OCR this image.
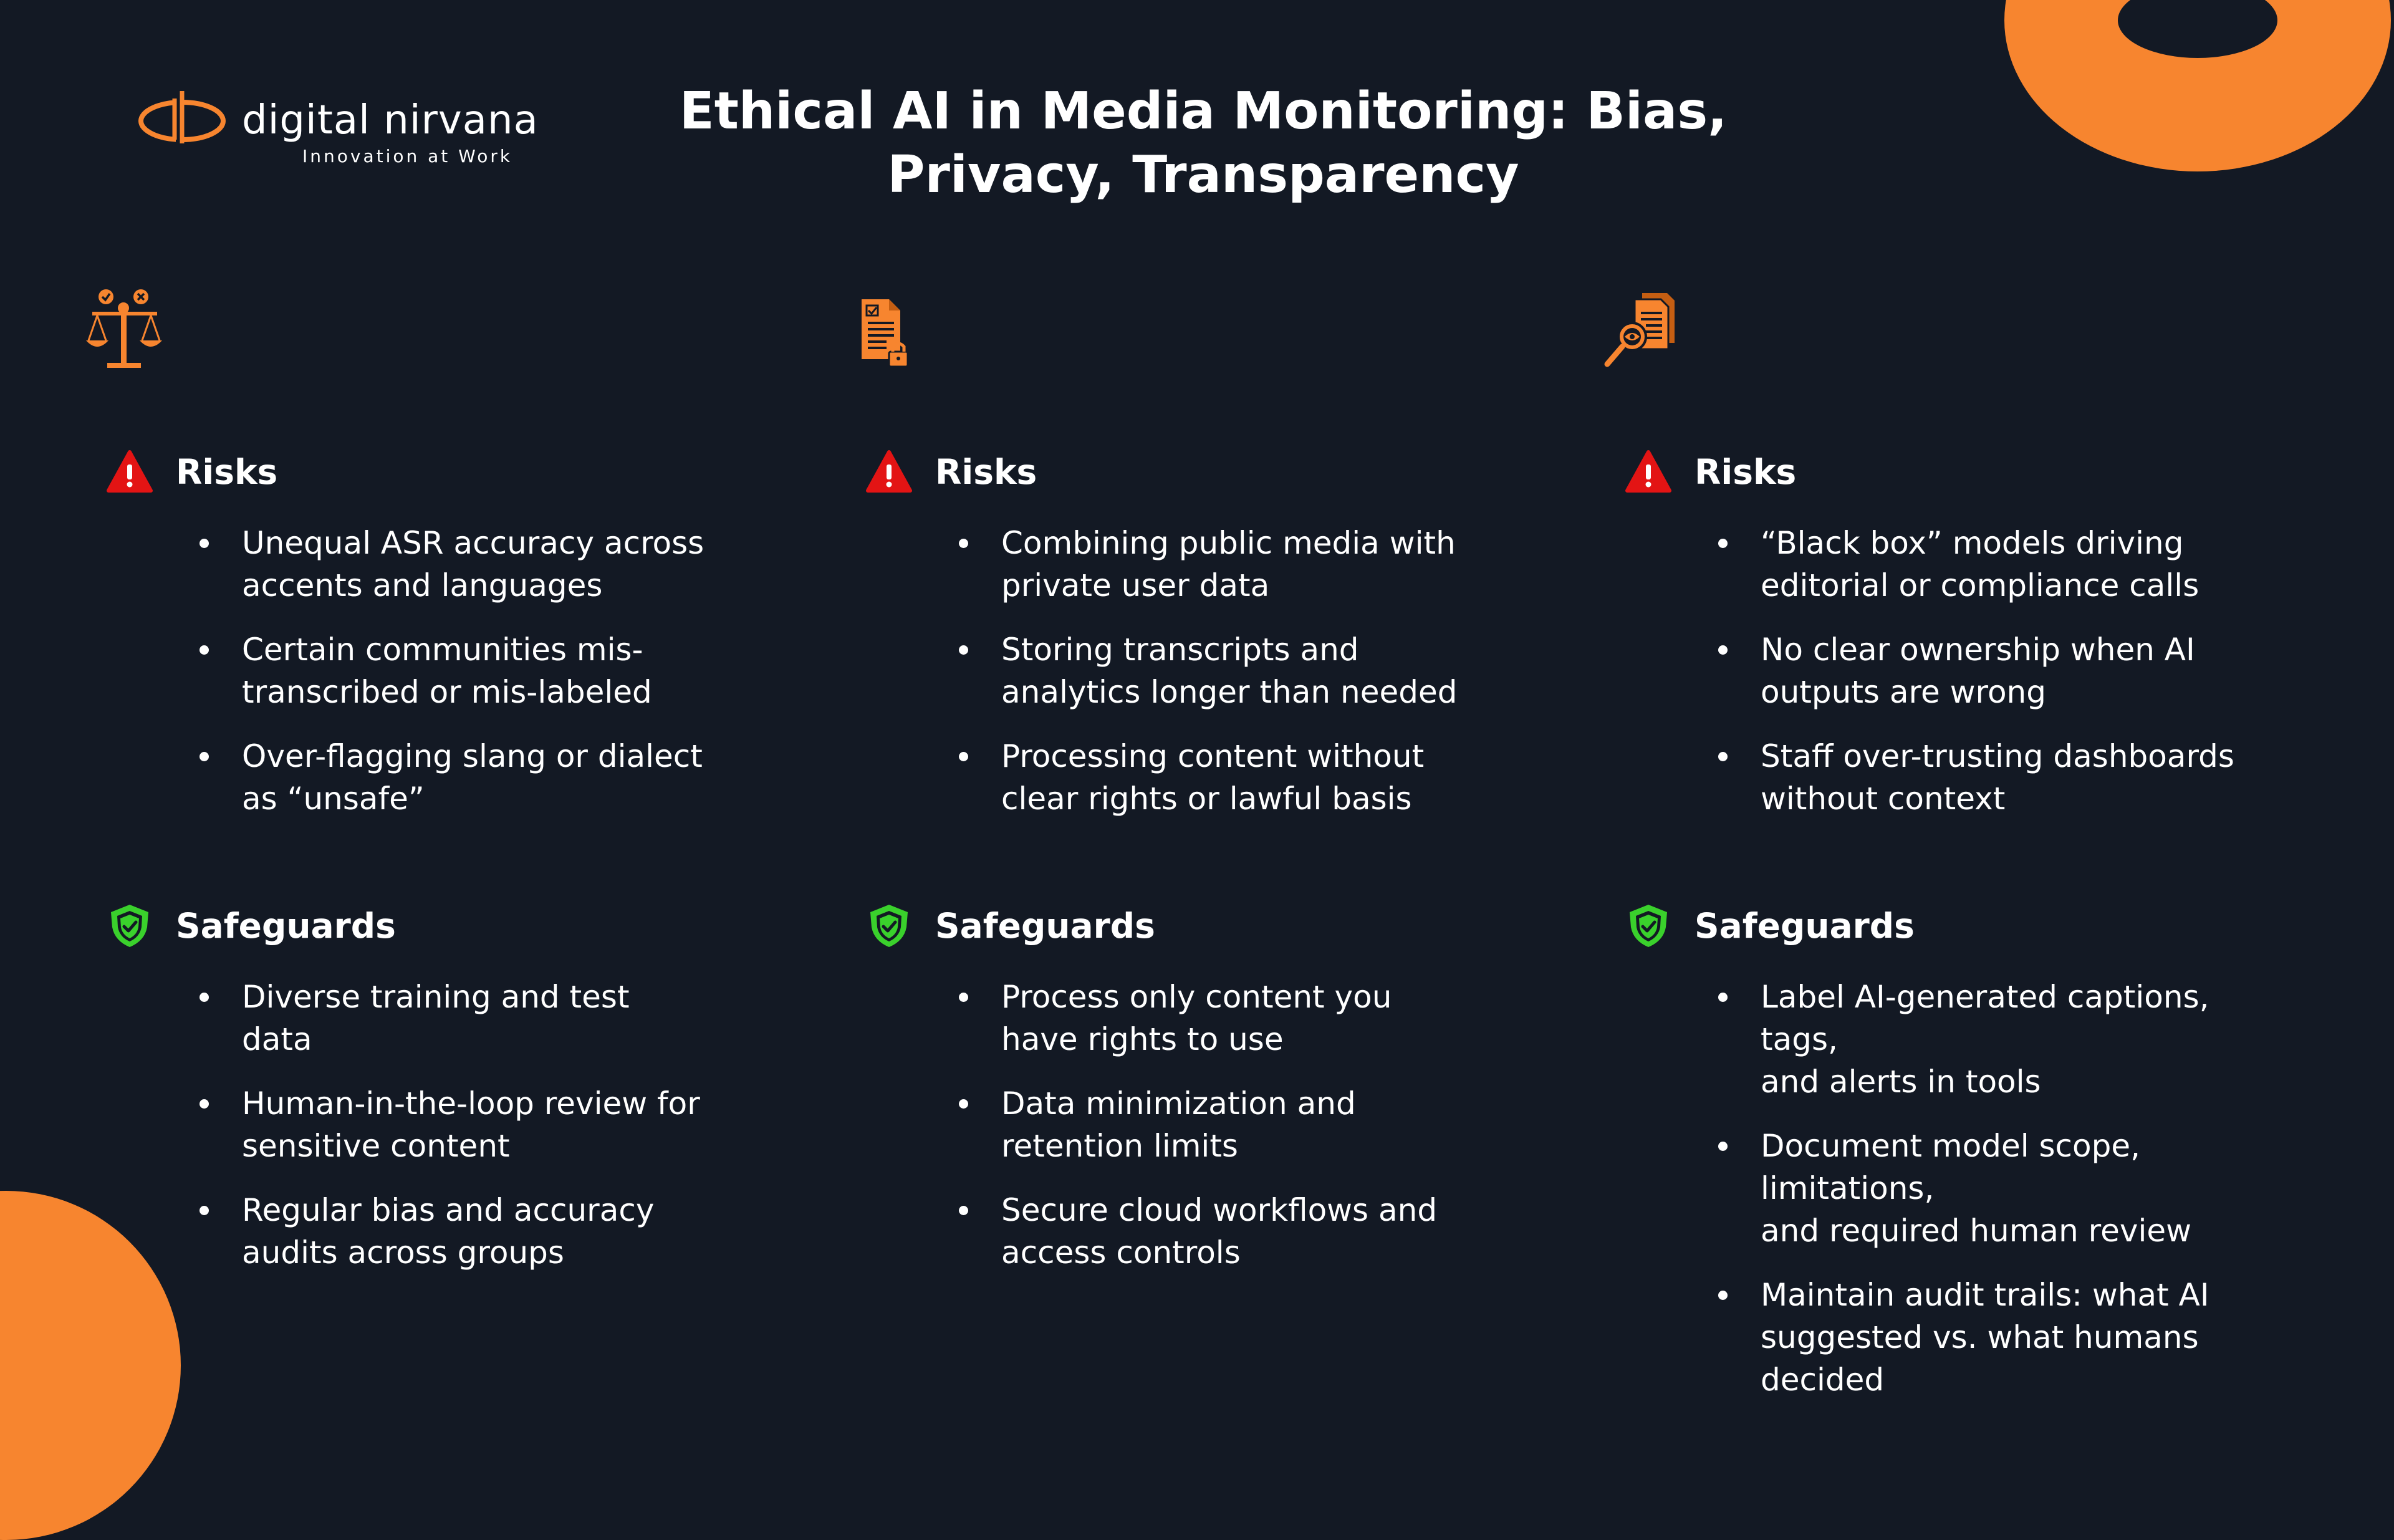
digital nirvana
Innovation at Work
Ethical AI in Media Monitoring: Bias,
Privacy, Transparency
Risks
Unequal ASR accuracy across
accents and languages
Certain communities mis-
transcribed or mis-labeled
Over-flagging slang or dialect
as “unsafe”
Safeguards
Diverse training and test
data
Human-in-the-loop review for
sensitive content
Regular bias and accuracy
audits across groups
Risks
Combining public media with
private user data
Storing transcripts and
analytics longer than needed
Processing content without
clear rights or lawful basis
Safeguards
Process only content you
have rights to use
Data minimization and
retention limits
Secure cloud workflows and
access controls
Risks
“Black box” models driving
editorial or compliance calls
No clear ownership when AI
outputs are wrong
Staff over-trusting dashboards
without context
Safeguards
Label AI-generated captions, tags,
and alerts in tools
Document model scope, limitations,
and required human review
Maintain audit trails: what AI
suggested vs. what humans decided
